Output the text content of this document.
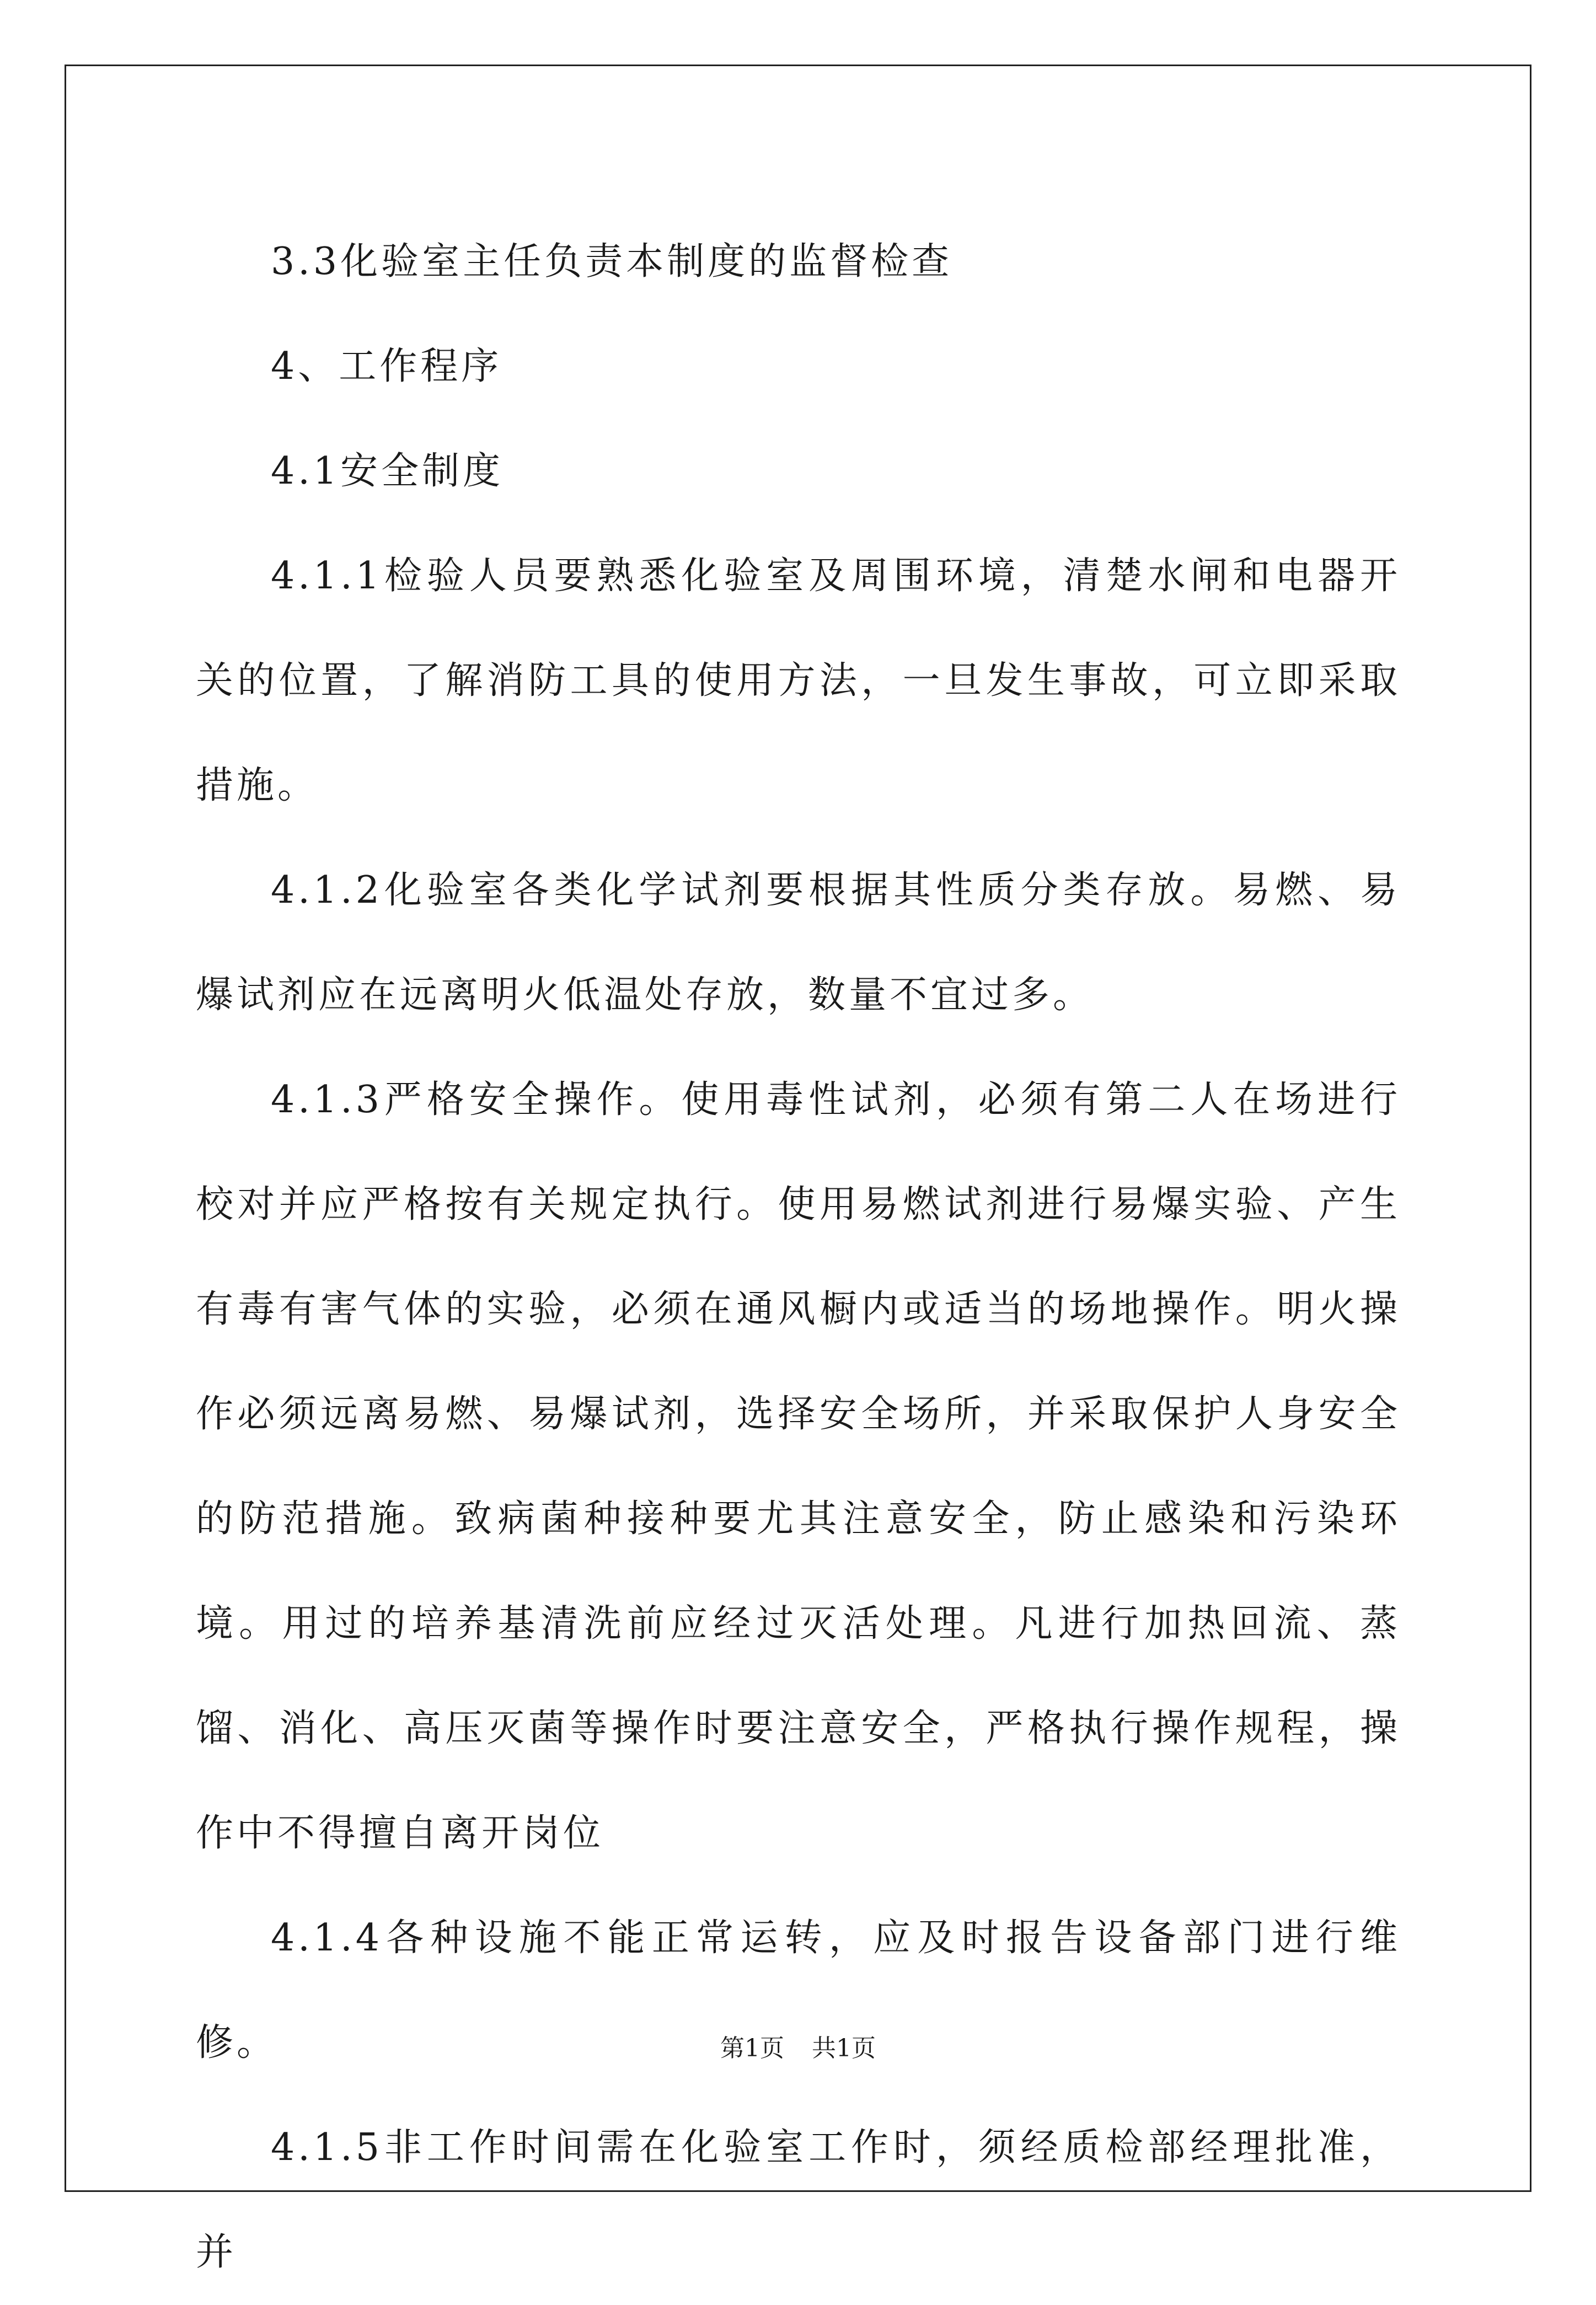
3.3化验室主任负责本制度的监督检查

4、工作程序

4.1安全制度

4.1.1检验人员要熟悉化验室及周围环境，清楚水闸和电器开关的位置，了解消防工具的使用方法，一旦发生事故，可立即采取措施。

4.1.2化验室各类化学试剂要根据其性质分类存放。易燃、易爆试剂应在远离明火低温处存放，数量不宜过多。

4.1.3严格安全操作。使用毒性试剂，必须有第二人在场进行校对并应严格按有关规定执行。使用易燃试剂进行易爆实验、产生有毒有害气体的实验，必须在通风橱内或适当的场地操作。明火操作必须远离易燃、易爆试剂，选择安全场所，并采取保护人身安全的防范措施。致病菌种接种要尤其注意安全，防止感染和污染环境。用过的培养基清洗前应经过灭活处理。凡进行加热回流、蒸馏、消化、高压灭菌等操作时要注意安全，严格执行操作规程，操作中不得擅自离开岗位

4.1.4各种设施不能正常运转，应及时报告设备部门进行维修。

4.1.5非工作时间需在化验室工作时，须经质检部经理批准，并

第1页 共1页
